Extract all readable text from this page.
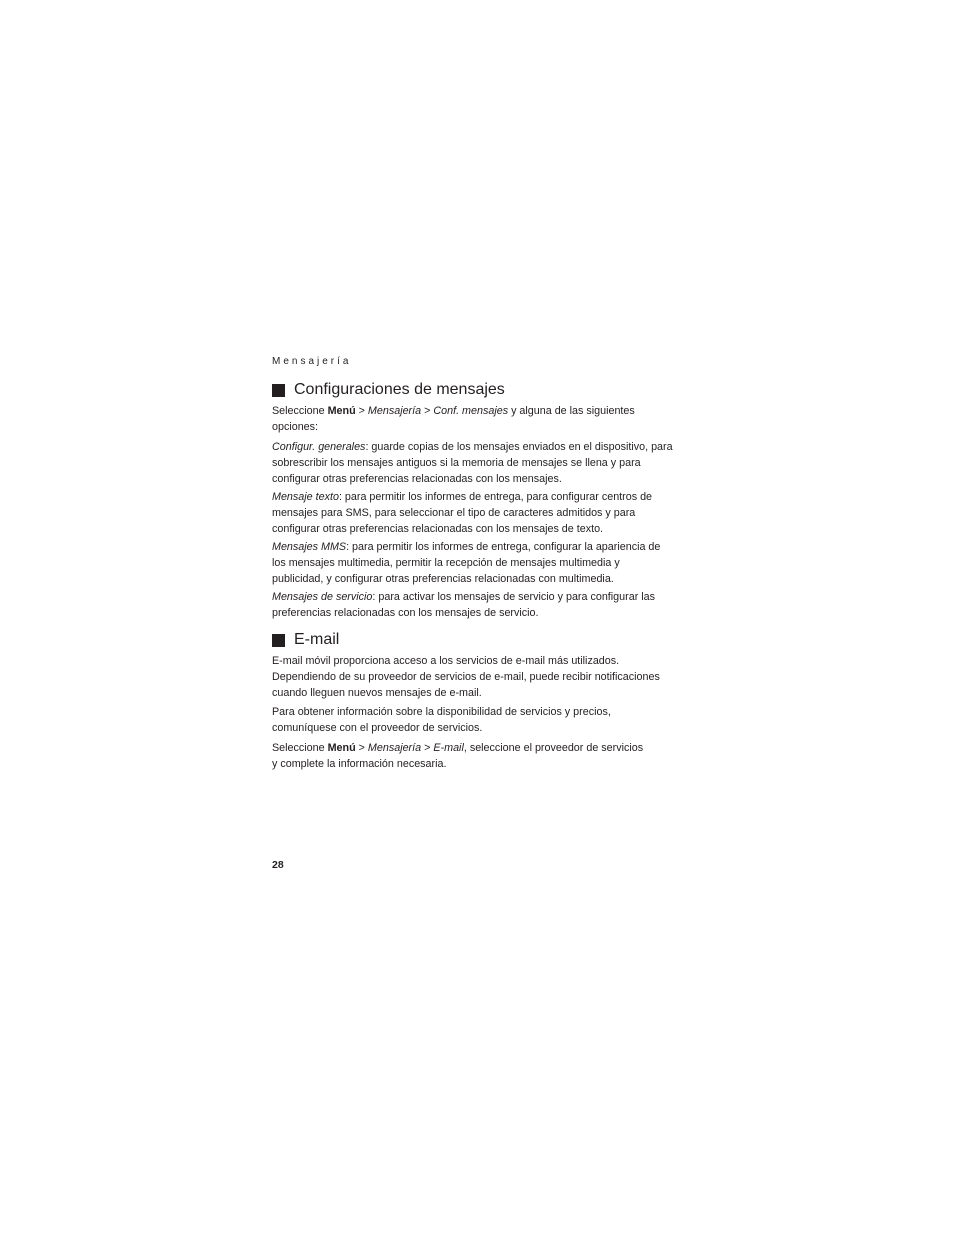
Mensajería
Configuraciones de mensajes

Seleccione Menú > Mensajería > Conf. mensajes y alguna de las siguientes
opciones:

Configur. generales: guarde copias de los mensajes enviados en el dispositivo, para
sobrescribir los mensajes antiguos si la memoria de mensajes se llena y para
configurar otras preferencias relacionadas con los mensajes.

Mensaje texto: para permitir los informes de entrega, para configurar centros de
mensajes para SMS, para seleccionar el tipo de caracteres admitidos y para
configurar otras preferencias relacionadas con los mensajes de texto.

Mensajes MMS: para permitir los informes de entrega, configurar la apariencia de
los mensajes multimedia, permitir la recepción de mensajes multimedia y
publicidad, y configurar otras preferencias relacionadas con multimedia.

Mensajes de servicio: para activar los mensajes de servicio y para configurar las
preferencias relacionadas con los mensajes de servicio.

E-mail

E-mail móvil proporciona acceso a los servicios de e-mail más utilizados.
Dependiendo de su proveedor de servicios de e-mail, puede recibir notificaciones
cuando lleguen nuevos mensajes de e-mail.

Para obtener información sobre la disponibilidad de servicios y precios,
comuníquese con el proveedor de servicios.

Seleccione Menú > Mensajería > E-mail, seleccione el proveedor de servicios
y complete la información necesaria.

28
